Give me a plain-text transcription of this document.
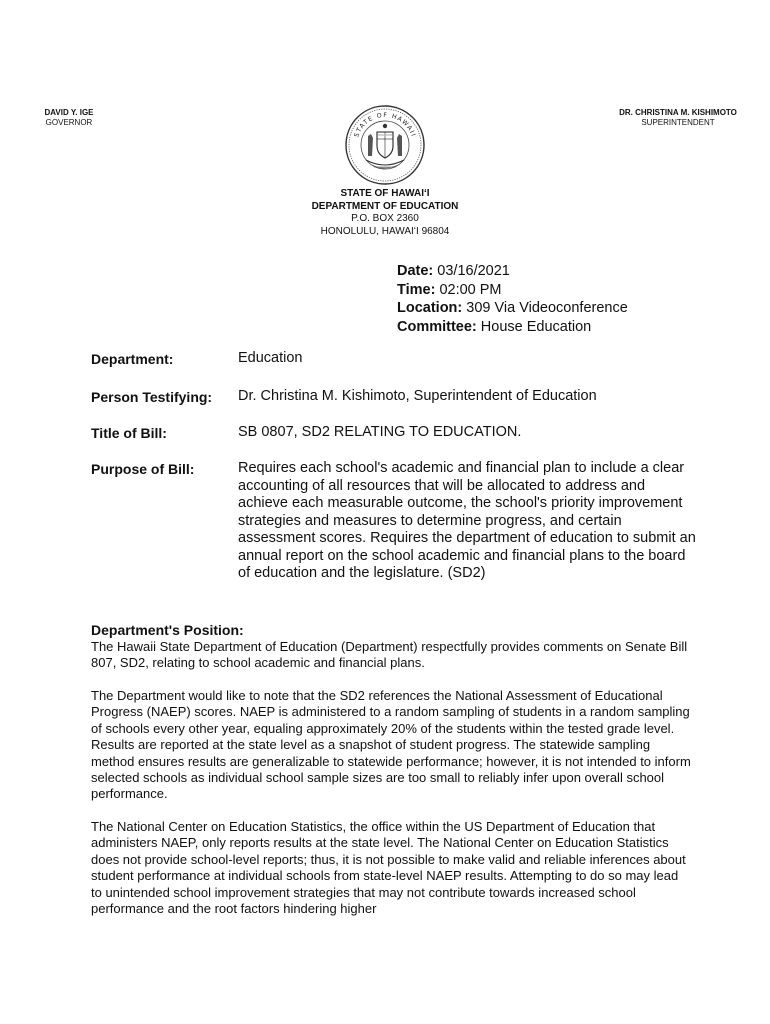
DAVID Y. IGE
GOVERNOR
DR. CHRISTINA M. KISHIMOTO
SUPERINTENDENT
STATE OF HAWAII
STATE OF HAWAIʻI
DEPARTMENT OF EDUCATION
P.O. BOX 2360
HONOLULU, HAWAIʻI 96804
Date: 03/16/2021
Time: 02:00 PM
Location: 309 Via Videoconference
Committee: House Education
Department:	Education
Person Testifying: Dr. Christina M. Kishimoto, Superintendent of Education
Title of Bill:	SB 0807, SD2 RELATING TO EDUCATION.
Purpose of Bill:	Requires each school's academic and financial plan to include a clear accounting of all resources that will be allocated to address and achieve each measurable outcome, the school's priority improvement strategies and measures to determine progress, and certain assessment scores. Requires the department of education to submit an annual report on the school academic and financial plans to the board of education and the legislature. (SD2)
Department's Position:
The Hawaii State Department of Education (Department) respectfully provides comments on Senate Bill 807, SD2, relating to school academic and financial plans.
The Department would like to note that the SD2 references the National Assessment of Educational Progress (NAEP) scores. NAEP is administered to a random sampling of students in a random sampling of schools every other year, equaling approximately 20% of the students within the tested grade level. Results are reported at the state level as a snapshot of student progress. The statewide sampling method ensures results are generalizable to statewide performance; however, it is not intended to inform selected schools as individual school sample sizes are too small to reliably infer upon overall school performance.
The National Center on Education Statistics, the office within the US Department of Education that administers NAEP, only reports results at the state level. The National Center on Education Statistics does not provide school-level reports; thus, it is not possible to make valid and reliable inferences about student performance at individual schools from state-level NAEP results. Attempting to do so may lead to unintended school improvement strategies that may not contribute towards increased school performance and the root factors hindering higher
